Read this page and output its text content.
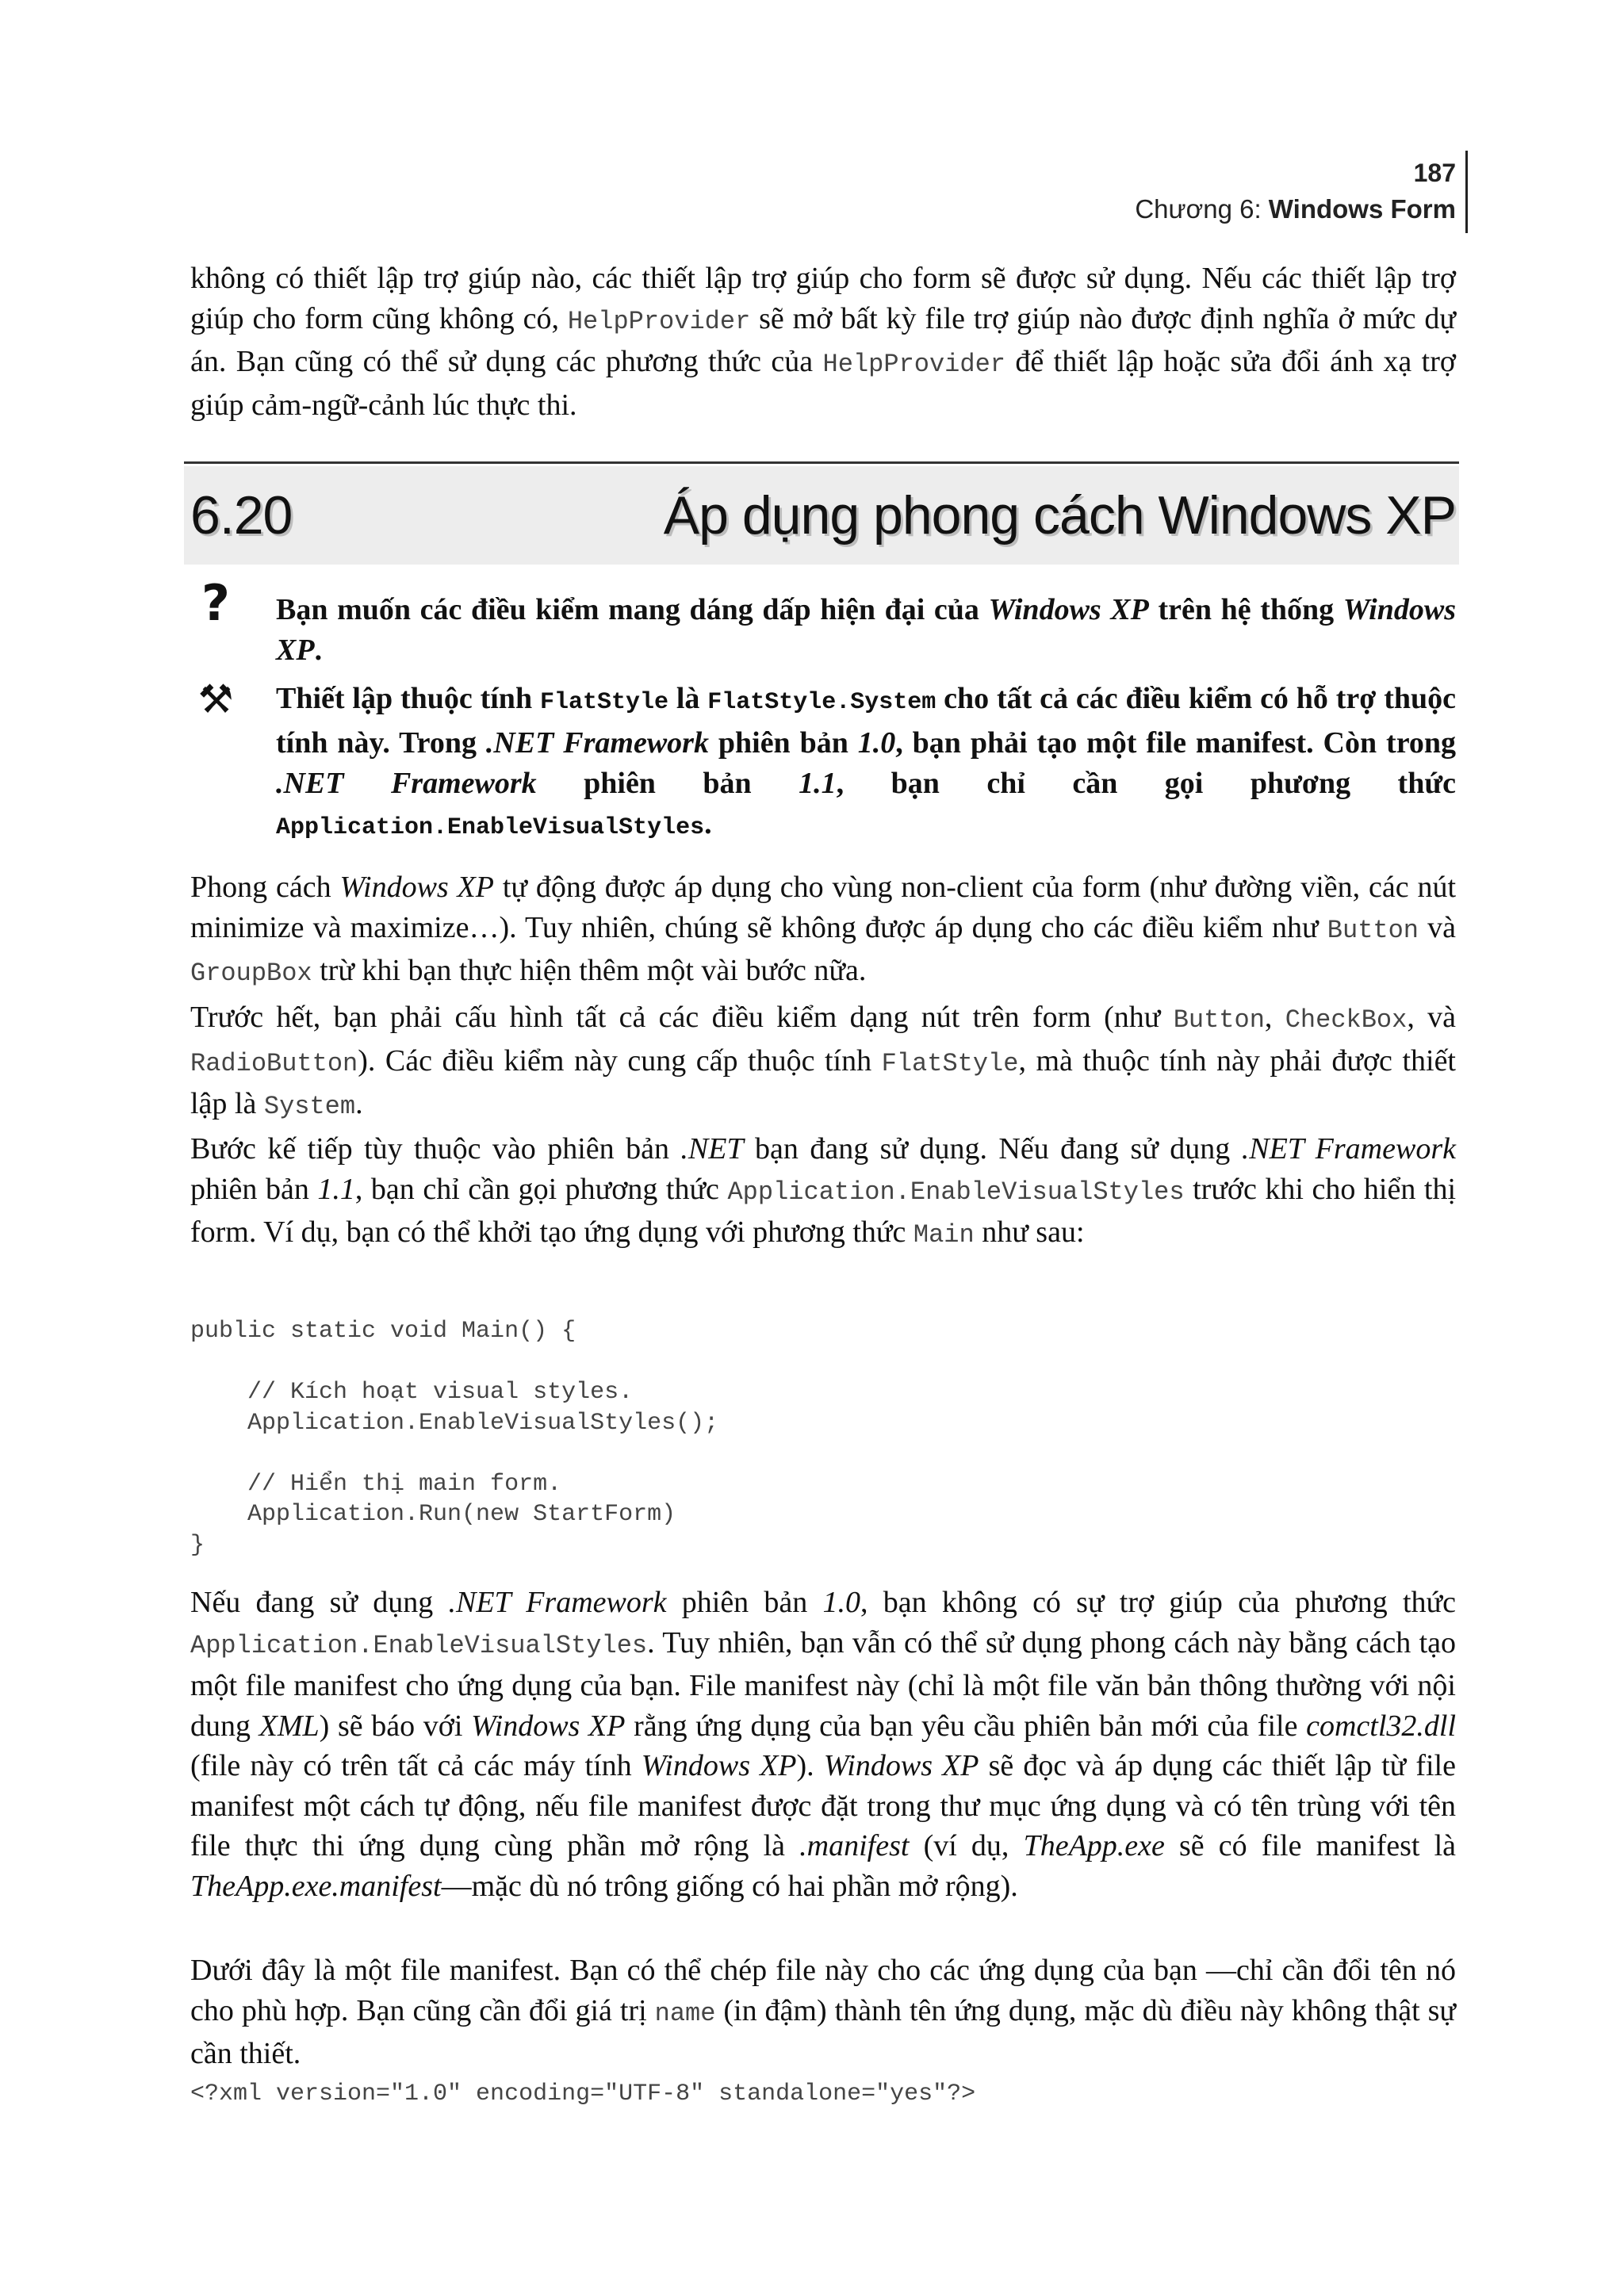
187
Chương 6: Windows Form

không có thiết lập trợ giúp nào, các thiết lập trợ giúp cho form sẽ được sử dụng. Nếu các thiết lập trợ giúp cho form cũng không có, HelpProvider sẽ mở bất kỳ file trợ giúp nào được định nghĩa ở mức dự án. Bạn cũng có thể sử dụng các phương thức của HelpProvider để thiết lập hoặc sửa đổi ánh xạ trợ giúp cảm-ngữ-cảnh lúc thực thi.

6.20	Áp dụng phong cách Windows XP
? Bạn muốn các điều kiểm mang dáng dấp hiện đại của Windows XP trên hệ thống Windows XP.

⚒ Thiết lập thuộc tính FlatStyle là FlatStyle.System cho tất cả các điều kiểm có hỗ trợ thuộc tính này. Trong .NET Framework phiên bản 1.0, bạn phải tạo một file manifest. Còn trong .NET Framework phiên bản 1.1, bạn chỉ cần gọi phương thức Application.EnableVisualStyles.

Phong cách Windows XP tự động được áp dụng cho vùng non-client của form (như đường viền, các nút minimize và maximize…). Tuy nhiên, chúng sẽ không được áp dụng cho các điều kiểm như Button và GroupBox trừ khi bạn thực hiện thêm một vài bước nữa.

Trước hết, bạn phải cấu hình tất cả các điều kiểm dạng nút trên form (như Button, CheckBox, và RadioButton). Các điều kiểm này cung cấp thuộc tính FlatStyle, mà thuộc tính này phải được thiết lập là System.

Bước kế tiếp tùy thuộc vào phiên bản .NET bạn đang sử dụng. Nếu đang sử dụng .NET Framework phiên bản 1.1, bạn chỉ cần gọi phương thức Application.EnableVisualStyles trước khi cho hiển thị form. Ví dụ, bạn có thể khởi tạo ứng dụng với phương thức Main như sau:

public static void Main() {

// Kích hoạt visual styles.
Application.EnableVisualStyles();

// Hiển thị main form.
Application.Run(new StartForm)
}

Nếu đang sử dụng .NET Framework phiên bản 1.0, bạn không có sự trợ giúp của phương thức Application.EnableVisualStyles. Tuy nhiên, bạn vẫn có thể sử dụng phong cách này bằng cách tạo một file manifest cho ứng dụng của bạn. File manifest này (chỉ là một file văn bản thông thường với nội dung XML) sẽ báo với Windows XP rằng ứng dụng của bạn yêu cầu phiên bản mới của file comctl32.dll (file này có trên tất cả các máy tính Windows XP). Windows XP sẽ đọc và áp dụng các thiết lập từ file manifest một cách tự động, nếu file manifest được đặt trong thư mục ứng dụng và có tên trùng với tên file thực thi ứng dụng cùng phần mở rộng là .manifest (ví dụ, TheApp.exe sẽ có file manifest là TheApp.exe.manifest—mặc dù nó trông giống có hai phần mở rộng).

Dưới đây là một file manifest. Bạn có thể chép file này cho các ứng dụng của bạn —chỉ cần đổi tên nó cho phù hợp. Bạn cũng cần đổi giá trị name (in đậm) thành tên ứng dụng, mặc dù điều này không thật sự cần thiết.

<?xml version="1.0" encoding="UTF-8" standalone="yes"?>
